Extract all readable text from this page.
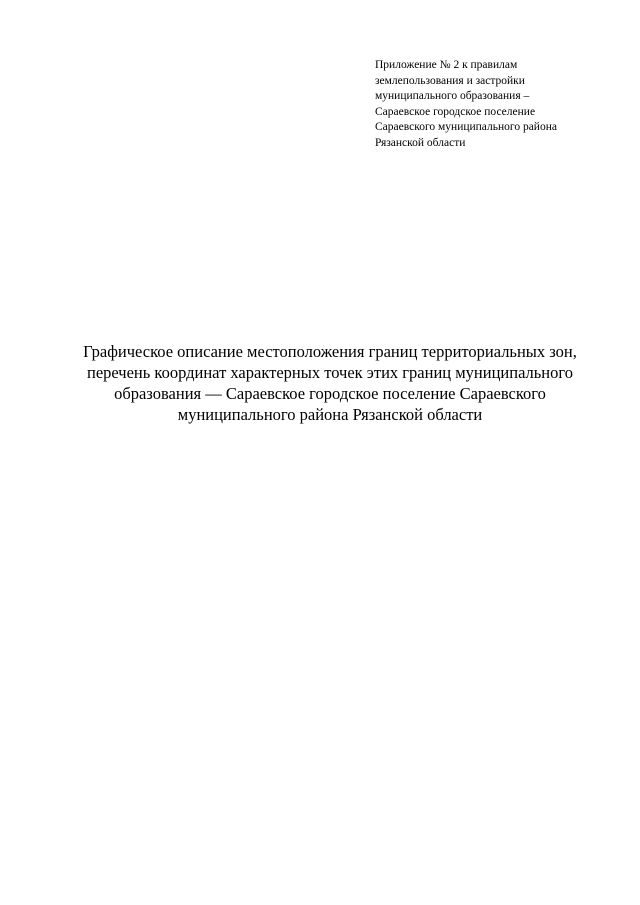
Приложение № 2 к правилам
землепользования и застройки
муниципального образования –
Сараевское городское поселение
Сараевского муниципального района
Рязанской области
Графическое описание местоположения границ территориальных зон,
перечень координат характерных точек этих границ муниципального
образования — Сараевское городское поселение Сараевского
муниципального района Рязанской области
